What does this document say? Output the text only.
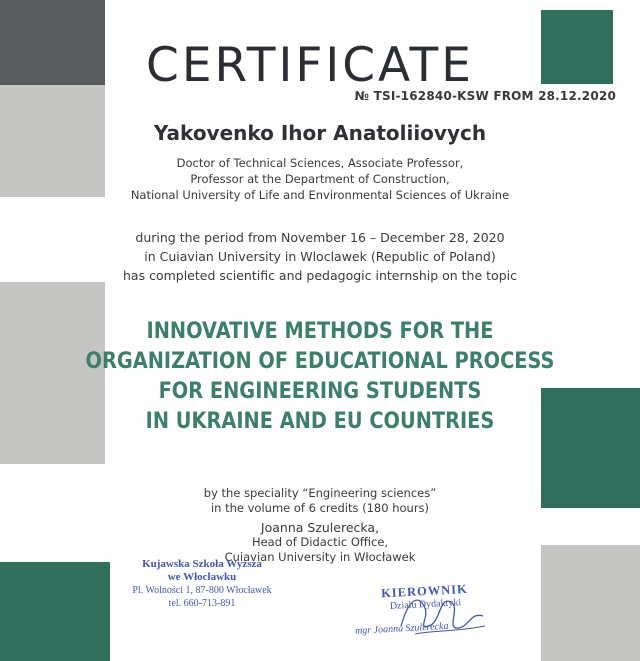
CERTIFICATE
№ TSI-162840-KSW FROM 28.12.2020
Yakovenko Ihor Anatoliiovych
Doctor of Technical Sciences, Associate Professor,
Professor at the Department of Construction,
National University of Life and Environmental Sciences of Ukraine
during the period from November 16 – December 28, 2020
in Cuiavian University in Wloclawek (Republic of Poland)
has completed scientific and pedagogic internship on the topic
INNOVATIVE METHODS FOR THE
ORGANIZATION OF EDUCATIONAL PROCESS
FOR ENGINEERING STUDENTS
IN UKRAINE AND EU COUNTRIES
by the speciality “Engineering sciences”
in the volume of 6 credits (180 hours)
Joanna Szulerecka,
Head of Didactic Office,
Cuiavian University in Włocławek
Kujawska Szkoła Wyższa
we Włocławku
Pl. Wolności 1, 87-800 Włocławek
tel. 660-713-891
KIEROWNIK
Działu Dydaktyki
mgr Joanna Szulerecka
